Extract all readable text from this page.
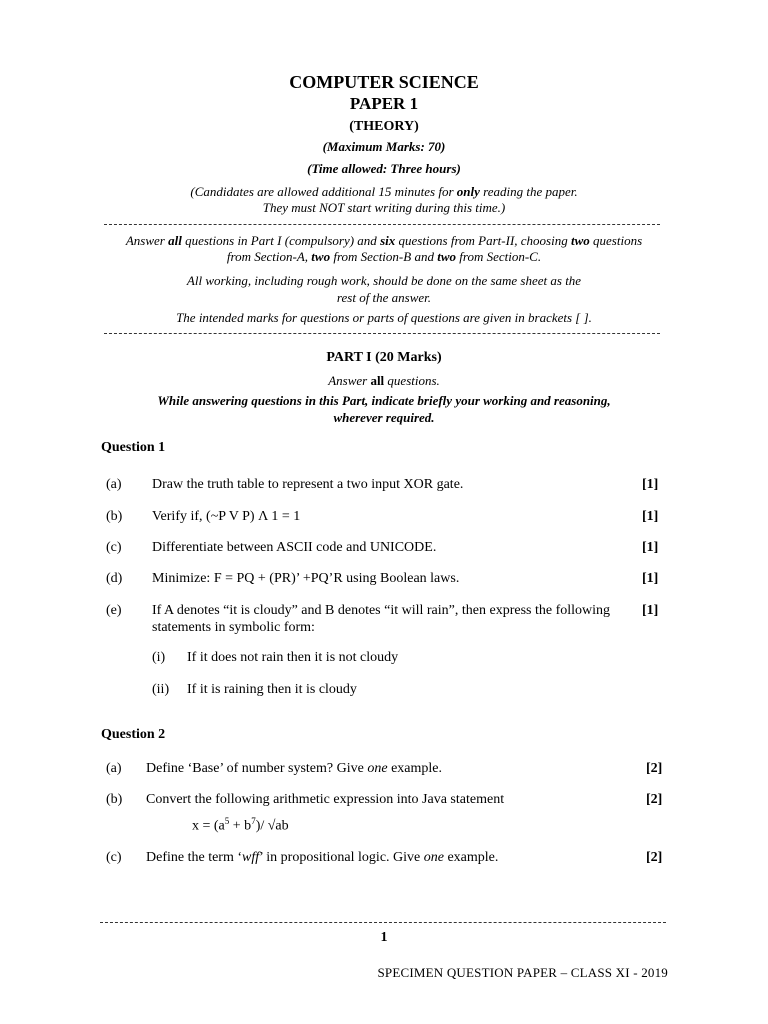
COMPUTER SCIENCE
PAPER 1
(THEORY)
(Maximum Marks: 70)
(Time allowed: Three hours)
(Candidates are allowed additional 15 minutes for only reading the paper.
They must NOT start writing during this time.)
Answer all questions in Part I (compulsory) and six questions from Part-II, choosing two questions
from Section-A, two from Section-B and two from Section-C.
All working, including rough work, should be done on the same sheet as the
rest of the answer.
The intended marks for questions or parts of questions are given in brackets [ ].
PART I (20 Marks)
Answer all questions.
While answering questions in this Part, indicate briefly your working and reasoning,
wherever required.
Question 1
(a) Draw the truth table to represent a two input XOR gate.	[1]
(b) Verify if, (~P V P) Λ 1 = 1	[1]
(c) Differentiate between ASCII code and UNICODE.	[1]
(d) Minimize: F = PQ + (PR)’ +PQ’R using Boolean laws.	[1]
(e) If A denotes “it is cloudy” and B denotes “it will rain”, then express the following	[1]
statements in symbolic form:
(i) If it does not rain then it is not cloudy
(ii) If it is raining then it is cloudy
Question 2
(a) Define ‘Base’ of number system? Give one example.	[2]
(b) Convert the following arithmetic expression into Java statement	[2]
$x = (a^5 + b^7)/$ √ab
(c) Define the term ‘wff’ in propositional logic. Give one example.	[2]
1
SPECIMEN QUESTION PAPER – CLASS XI - 2019
